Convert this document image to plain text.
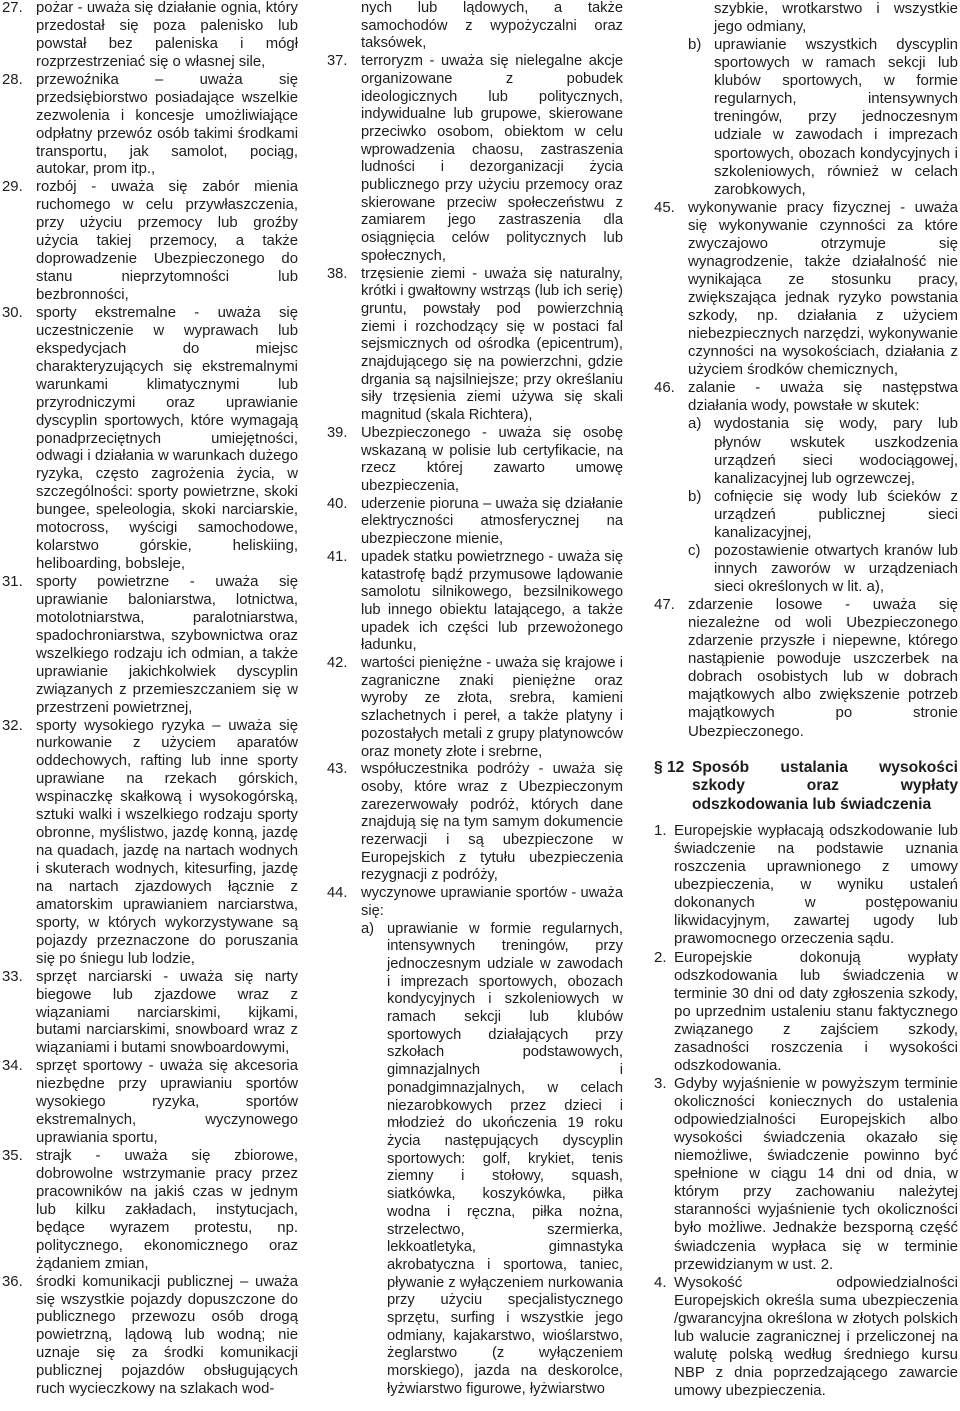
27. pożar - uważa się działanie ognia, który przedostał się poza palenisko lub powstał bez paleniska i mógł rozprzestrzeniać się o własnej sile,
28. przewoźnika – uważa się przedsiębiorstwo posiadające wszelkie zezwolenia i koncesje umożliwiające odpłatny przewóz osób takimi środkami transportu, jak samolot, pociąg, autokar, prom itp.,
29. rozbój - uważa się zabór mienia ruchomego w celu przywłaszczenia, przy użyciu przemocy lub groźby użycia takiej przemocy, a także doprowadzenie Ubezpieczonego do stanu nieprzytomności lub bezbronności,
30. sporty ekstremalne - uważa się uczestniczenie w wyprawach lub ekspedycjach do miejsc charakteryzujących się ekstremalnymi warunkami klimatycznymi lub przyrodniczymi oraz uprawianie dyscyplin sportowych, które wymagają ponadprzeciętnych umiejętności, odwagi i działania w warunkach dużego ryzyka, często zagrożenia życia, w szczególności: sporty powietrzne, skoki bungee, speleologia, skoki narciarskie, motocross, wyścigi samochodowe, kolarstwo górskie, heliskiing, heliboarding, bobsleje,
31. sporty powietrzne - uważa się uprawianie baloniarstwa, lotnictwa, motolotniarstwa, paralotniarstwa, spadochroniarstwa, szybownictwa oraz wszelkiego rodzaju ich odmian, a także uprawianie jakichkolwiek dyscyplin związanych z przemieszczaniem się w przestrzeni powietrznej,
32. sporty wysokiego ryzyka – uważa się nurkowanie z użyciem aparatów oddechowych, rafting lub inne sporty uprawiane na rzekach górskich, wspinaczkę skałkową i wysokogórską, sztuki walki i wszelkiego rodzaju sporty obronne, myślistwo, jazdę konną, jazdę na quadach, jazdę na nartach wodnych i skuterach wodnych, kitesurfing, jazdę na nartach zjazdowych łącznie z amatorskim uprawianiem narciarstwa, sporty, w których wykorzystywane są pojazdy przeznaczone do poruszania się po śniegu lub lodzie,
33. sprzęt narciarski - uważa się narty biegowe lub zjazdowe wraz z wiązaniami narciarskimi, kijkami, butami narciarskimi, snowboard wraz z wiązaniami i butami snowboardowymi,
34. sprzęt sportowy - uważa się akcesoria niezbędne przy uprawianiu sportów wysokiego ryzyka, sportów ekstremalnych, wyczynowego uprawiania sportu,
35. strajk - uważa się zbiorowe, dobrowolne wstrzymanie pracy przez pracowników na jakiś czas w jednym lub kilku zakładach, instytucjach, będące wyrazem protestu, np. politycznego, ekonomicznego oraz żądaniem zmian,
36. środki komunikacji publicznej – uważa się wszystkie pojazdy dopuszczone do publicznego przewozu osób drogą powietrzną, lądową lub wodną; nie uznaje się za środki komunikacji publicznej pojazdów obsługujących ruch wycieczkowy na szlakach wod-
nych lub lądowych, a także samochodów z wypożyczalni oraz taksówek,
37. terroryzm - uważa się nielegalne akcje organizowane z pobudek ideologicznych lub politycznych, indywidualne lub grupowe, skierowane przeciwko osobom, obiektom w celu wprowadzenia chaosu, zastraszenia ludności i dezorganizacji życia publicznego przy użyciu przemocy oraz skierowane przeciw społeczeństwu z zamiarem jego zastraszenia dla osiągnięcia celów politycznych lub społecznych,
38. trzęsienie ziemi - uważa się naturalny, krótki i gwałtowny wstrząs (lub ich serię) gruntu, powstały pod powierzchnią ziemi i rozchodzący się w postaci fal sejsmicznych od ośrodka (epicentrum), znajdującego się na powierzchni, gdzie drgania są najsilniejsze; przy określaniu siły trzęsienia ziemi używa się skali magnitud (skala Richtera),
39. Ubezpieczonego - uważa się osobę wskazaną w polisie lub certyfikacie, na rzecz której zawarto umowę ubezpieczenia,
40. uderzenie pioruna – uważa się działanie elektryczności atmosferycznej na ubezpieczone mienie,
41. upadek statku powietrznego - uważa się katastrofę bądź przymusowe lądowanie samolotu silnikowego, bezsilnikowego lub innego obiektu latającego, a także upadek ich części lub przewożonego ładunku,
42. wartości pieniężne - uważa się krajowe i zagraniczne znaki pieniężne oraz wyroby ze złota, srebra, kamieni szlachetnych i pereł, a także platyny i pozostałych metali z grupy platynowców oraz monety złote i srebrne,
43. współuczestnika podróży - uważa się osoby, które wraz z Ubezpieczonym zarezerwowały podróż, których dane znajdują się na tym samym dokumencie rezerwacji i są ubezpieczone w Europejskich z tytułu ubezpieczenia rezygnacji z podróży,
44. wyczynowe uprawianie sportów - uważa się:
a) uprawianie w formie regularnych, intensywnych treningów, przy jednoczesnym udziale w zawodach i imprezach sportowych, obozach kondycyjnych i szkoleniowych w ramach sekcji lub klubów sportowych działających przy szkołach podstawowych, gimnazjalnych i ponadgimnazjalnych, w celach niezarobkowych przez dzieci i młodzież do ukończenia 19 roku życia następujących dyscyplin sportowych: golf, krykiet, tenis ziemny i stołowy, squash, siatkówka, koszykówka, piłka wodna i ręczna, piłka nożna, strzelectwo, szermierka, lekkoatletyka, gimnastyka akrobatyczna i sportowa, taniec, pływanie z wyłączeniem nurkowania przy użyciu specjalistycznego sprzętu, surfing i wszystkie jego odmiany, kajakarstwo, wioślarstwo, żeglarstwo (z wyłączeniem morskiego), jazda na deskorolce, łyżwiarstwo figurowe, łyżwiarstwo
szybkie, wrotkarstwo i wszystkie jego odmiany,
b) uprawianie wszystkich dyscyplin sportowych w ramach sekcji lub klubów sportowych, w formie regularnych, intensywnych treningów, przy jednoczesnym udziale w zawodach i imprezach sportowych, obozach kondycyjnych i szkoleniowych, również w celach zarobkowych,
45. wykonywanie pracy fizycznej - uważa się wykonywanie czynności za które zwyczajowo otrzymuje się wynagrodzenie, także działalność nie wynikająca ze stosunku pracy, zwiększająca jednak ryzyko powstania szkody, np. działania z użyciem niebezpiecznych narzędzi, wykonywanie czynności na wysokościach, działania z użyciem środków chemicznych,
46. zalanie - uważa się następstwa działania wody, powstałe w skutek:
a) wydostania się wody, pary lub płynów wskutek uszkodzenia urządzeń sieci wodociągowej, kanalizacyjnej lub ogrzewczej,
b) cofnięcie się wody lub ścieków z urządzeń publicznej sieci kanalizacyjnej,
c) pozostawienie otwartych kranów lub innych zaworów w urządzeniach sieci określonych w lit. a),
47. zdarzenie losowe - uważa się niezależne od woli Ubezpieczonego zdarzenie przyszłe i niepewne, którego nastąpienie powoduje uszczerbek na dobrach osobistych lub w dobrach majątkowych albo zwiększenie potrzeb majątkowych po stronie Ubezpieczonego.
§ 12 Sposób ustalania wysokości szkody oraz wypłaty odszkodowania lub świadczenia
1. Europejskie wypłacają odszkodowanie lub świadczenie na podstawie uznania roszczenia uprawnionego z umowy ubezpieczenia, w wyniku ustaleń dokonanych w postępowaniu likwidacyjnym, zawartej ugody lub prawomocnego orzeczenia sądu.
2. Europejskie dokonują wypłaty odszkodowania lub świadczenia w terminie 30 dni od daty zgłoszenia szkody, po uprzednim ustaleniu stanu faktycznego związanego z zajściem szkody, zasadności roszczenia i wysokości odszkodowania.
3. Gdyby wyjaśnienie w powyższym terminie okoliczności koniecznych do ustalenia odpowiedzialności Europejskich albo wysokości świadczenia okazało się niemożliwe, świadczenie powinno być spełnione w ciągu 14 dni od dnia, w którym przy zachowaniu należytej staranności wyjaśnienie tych okoliczności było możliwe. Jednakże bezsporną część świadczenia wypłaca się w terminie przewidzianym w ust. 2.
4. Wysokość odpowiedzialności Europejskich określa suma ubezpieczenia /gwarancyjna określona w złotych polskich lub walucie zagranicznej i przeliczonej na walutę polską według średniego kursu NBP z dnia poprzedzającego zawarcie umowy ubezpieczenia.
